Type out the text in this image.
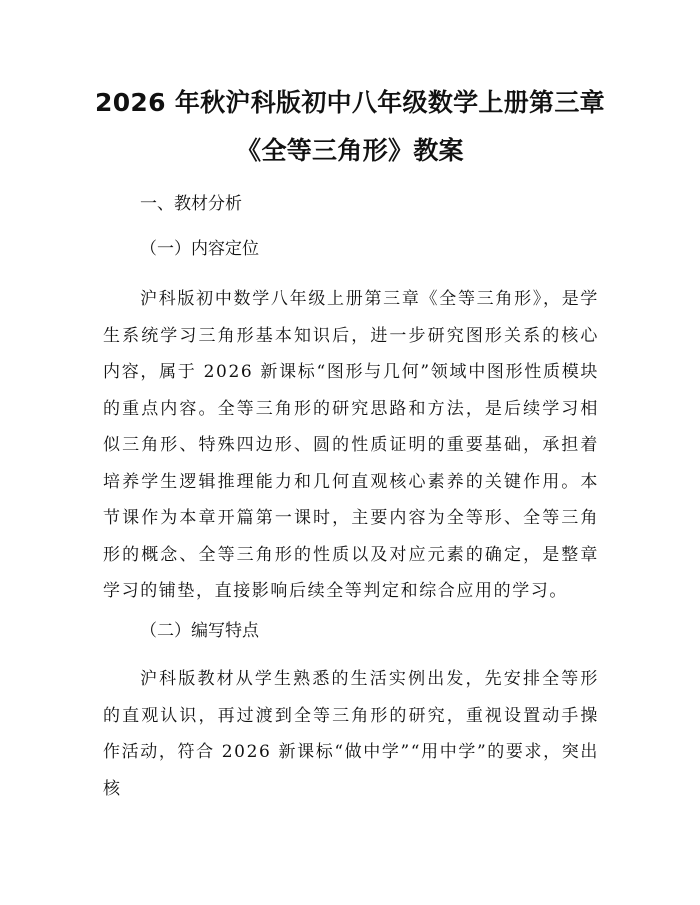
2026 年秋沪科版初中八年级数学上册第三章
《全等三角形》教案
一、教材分析
（一）内容定位

沪科版初中数学八年级上册第三章《全等三角形》，是学生系统学习三角形基本知识后，进一步研究图形关系的核心内容，属于 2026 新课标“图形与几何”领域中图形性质模块的重点内容。全等三角形的研究思路和方法，是后续学习相似三角形、特殊四边形、圆的性质证明的重要基础，承担着培养学生逻辑推理能力和几何直观核心素养的关键作用。本节课作为本章开篇第一课时，主要内容为全等形、全等三角形的概念、全等三角形的性质以及对应元素的确定，是整章学习的铺垫，直接影响后续全等判定和综合应用的学习。

（二）编写特点

沪科版教材从学生熟悉的生活实例出发，先安排全等形的直观认识，再过渡到全等三角形的研究，重视设置动手操作活动，符合 2026 新课标“做中学”“用中学”的要求，突出核
